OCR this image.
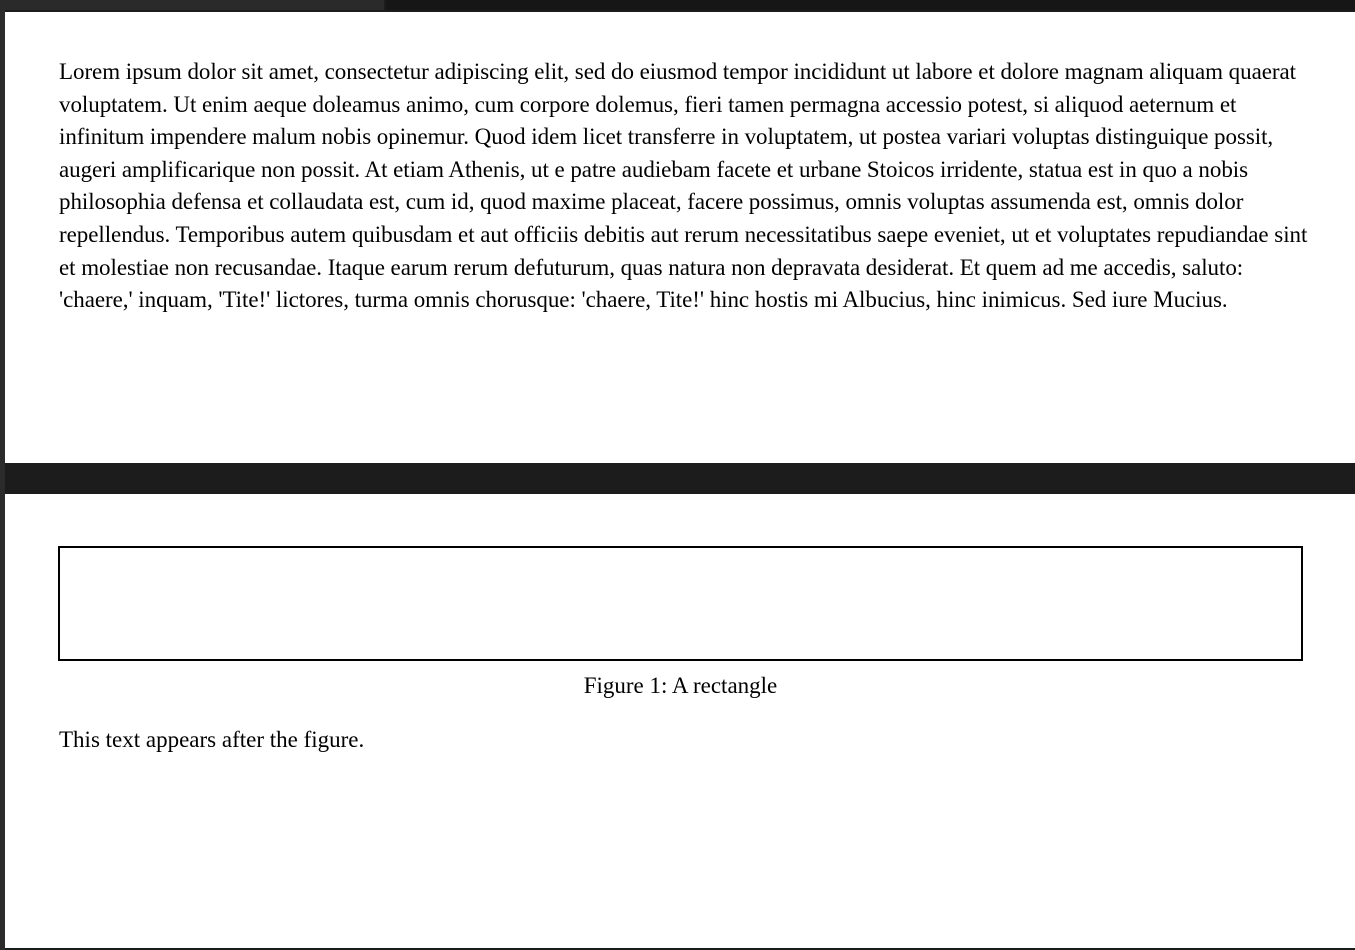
Lorem ipsum dolor sit amet, consectetur adipiscing elit, sed do eiusmod tempor incididunt ut labore et dolore magnam aliquam quaerat voluptatem. Ut enim aeque doleamus animo, cum corpore dolemus, fieri tamen permagna accessio potest, si aliquod aeternum et infinitum impendere malum nobis opinemur. Quod idem licet transferre in voluptatem, ut postea variari voluptas distinguique possit, augeri amplificarique non possit. At etiam Athenis, ut e patre audiebam facete et urbane Stoicos irridente, statua est in quo a nobis philosophia defensa et collaudata est, cum id, quod maxime placeat, facere possimus, omnis voluptas assumenda est, omnis dolor repellendus. Temporibus autem quibusdam et aut officiis debitis aut rerum necessitatibus saepe eveniet, ut et voluptates repudiandae sint et molestiae non recusandae. Itaque earum rerum defuturum, quas natura non depravata desiderat. Et quem ad me accedis, saluto: 'chaere,' inquam, 'Tite!' lictores, turma omnis chorusque: 'chaere, Tite!' hinc hostis mi Albucius, hinc inimicus. Sed iure Mucius.

Figure 1: A rectangle

This text appears after the figure.
